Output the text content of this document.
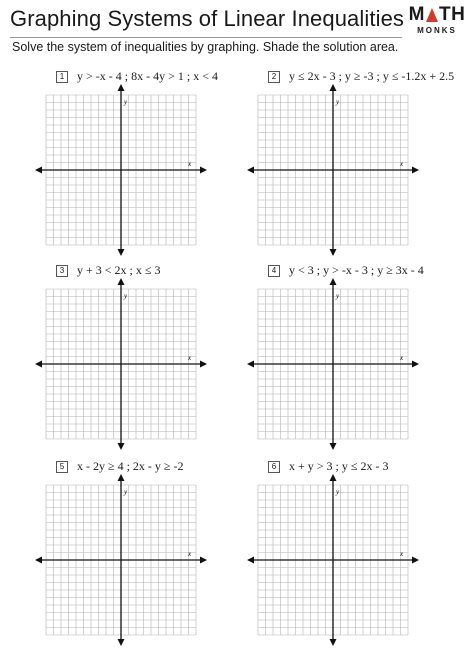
Graphing Systems of Linear Inequalities M TH
MONKS
Solve the system of inequalities by graphing. Shade the solution area.
1	y > -x - 4 ; 8x - 4y > 1 ; x < 4
x
y
2	y ≤ 2x - 3 ; y ≥ -3 ; y ≤ -1.2x + 2.5
x
y
3	y + 3 < 2x ; x ≤ 3
x
y
4	y < 3 ; y > -x - 3 ; y ≥ 3x - 4
x
y
5	x - 2y ≥ 4 ; 2x - y ≥ -2
x
y
6	x + y > 3 ; y ≤ 2x - 3
x
y
